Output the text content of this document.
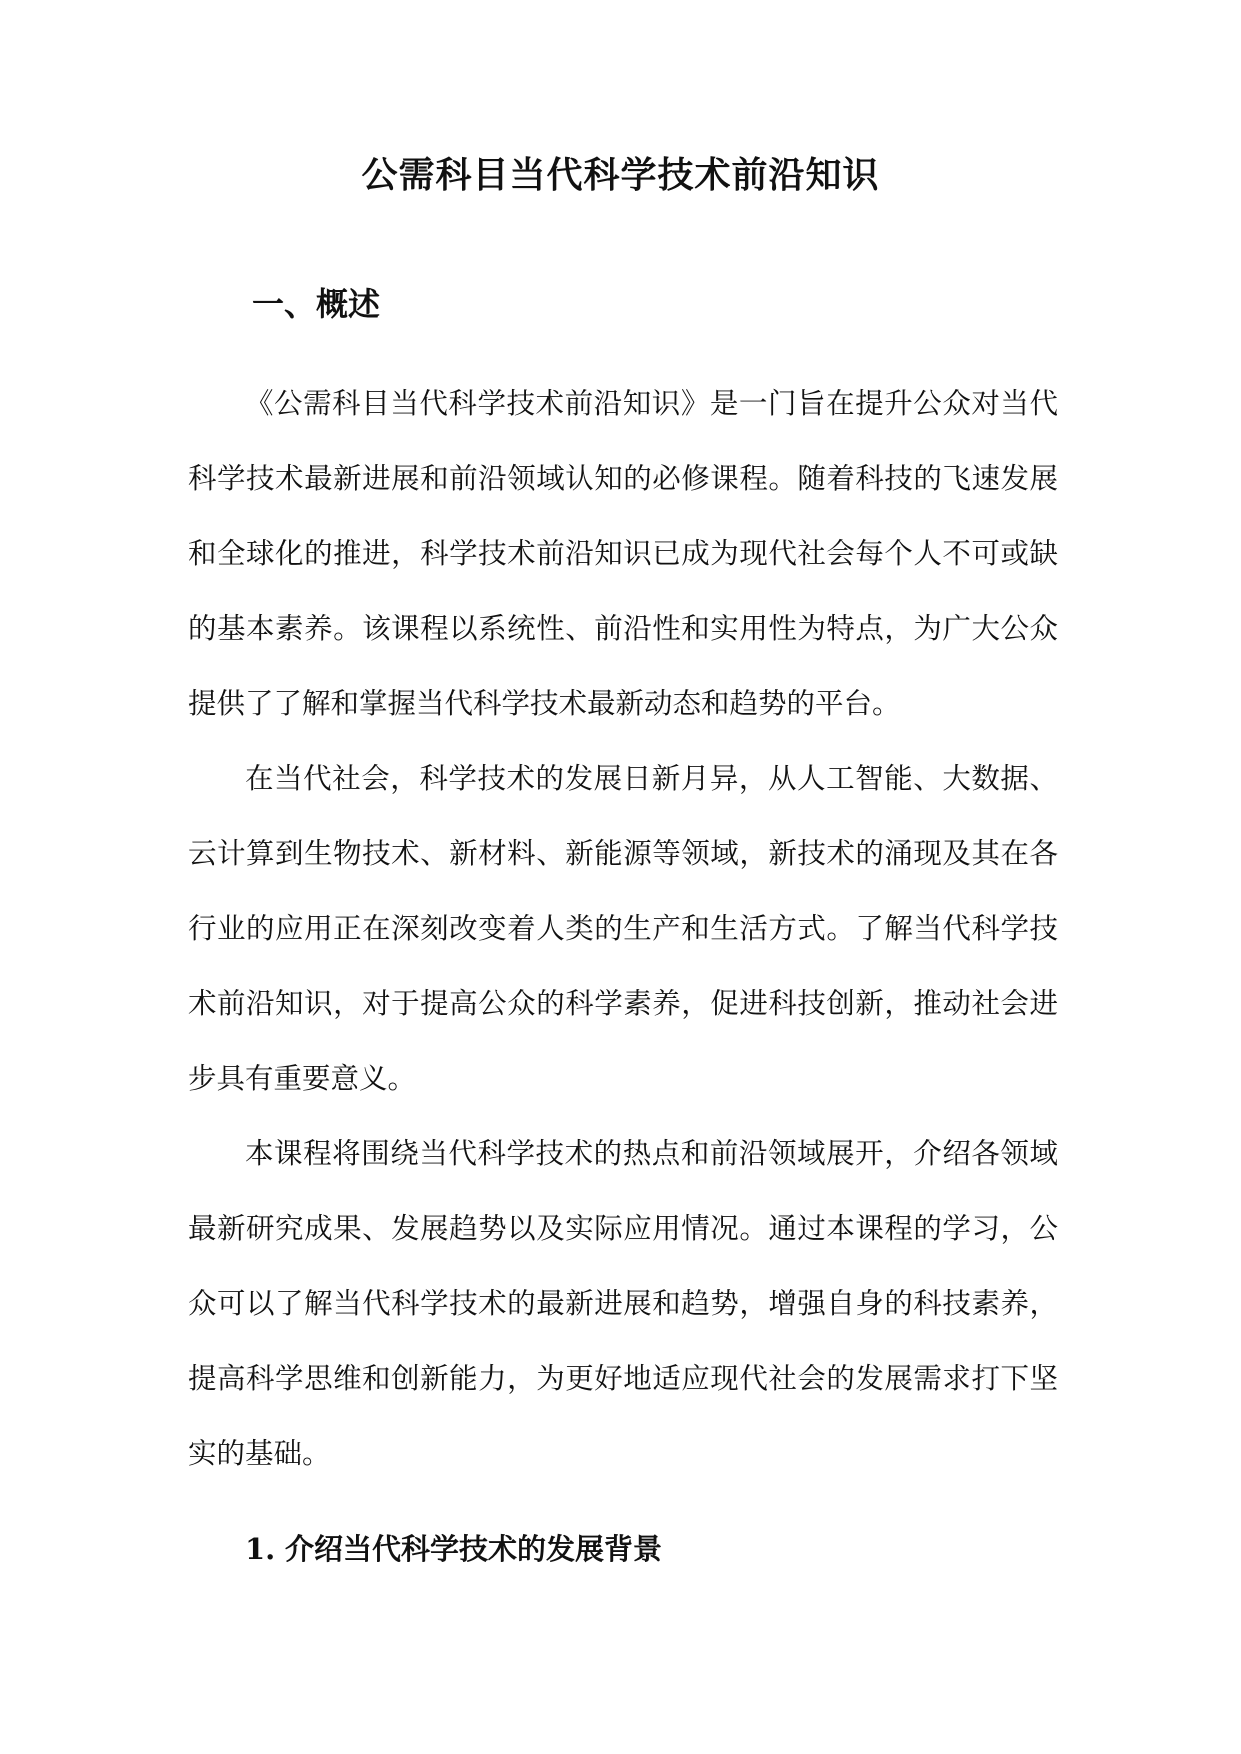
公需科目当代科学技术前沿知识
一、概述

《公需科目当代科学技术前沿知识》是一门旨在提升公众对当代科学技术最新进展和前沿领域认知的必修课程。随着科技的飞速发展和全球化的推进，科学技术前沿知识已成为现代社会每个人不可或缺的基本素养。该课程以系统性、前沿性和实用性为特点，为广大公众提供了了解和掌握当代科学技术最新动态和趋势的平台。

在当代社会，科学技术的发展日新月异，从人工智能、大数据、云计算到生物技术、新材料、新能源等领域，新技术的涌现及其在各行业的应用正在深刻改变着人类的生产和生活方式。了解当代科学技术前沿知识，对于提高公众的科学素养，促进科技创新，推动社会进步具有重要意义。

本课程将围绕当代科学技术的热点和前沿领域展开，介绍各领域最新研究成果、发展趋势以及实际应用情况。通过本课程的学习，公众可以了解当代科学技术的最新进展和趋势，增强自身的科技素养，提高科学思维和创新能力，为更好地适应现代社会的发展需求打下坚实的基础。

1. 介绍当代科学技术的发展背景
